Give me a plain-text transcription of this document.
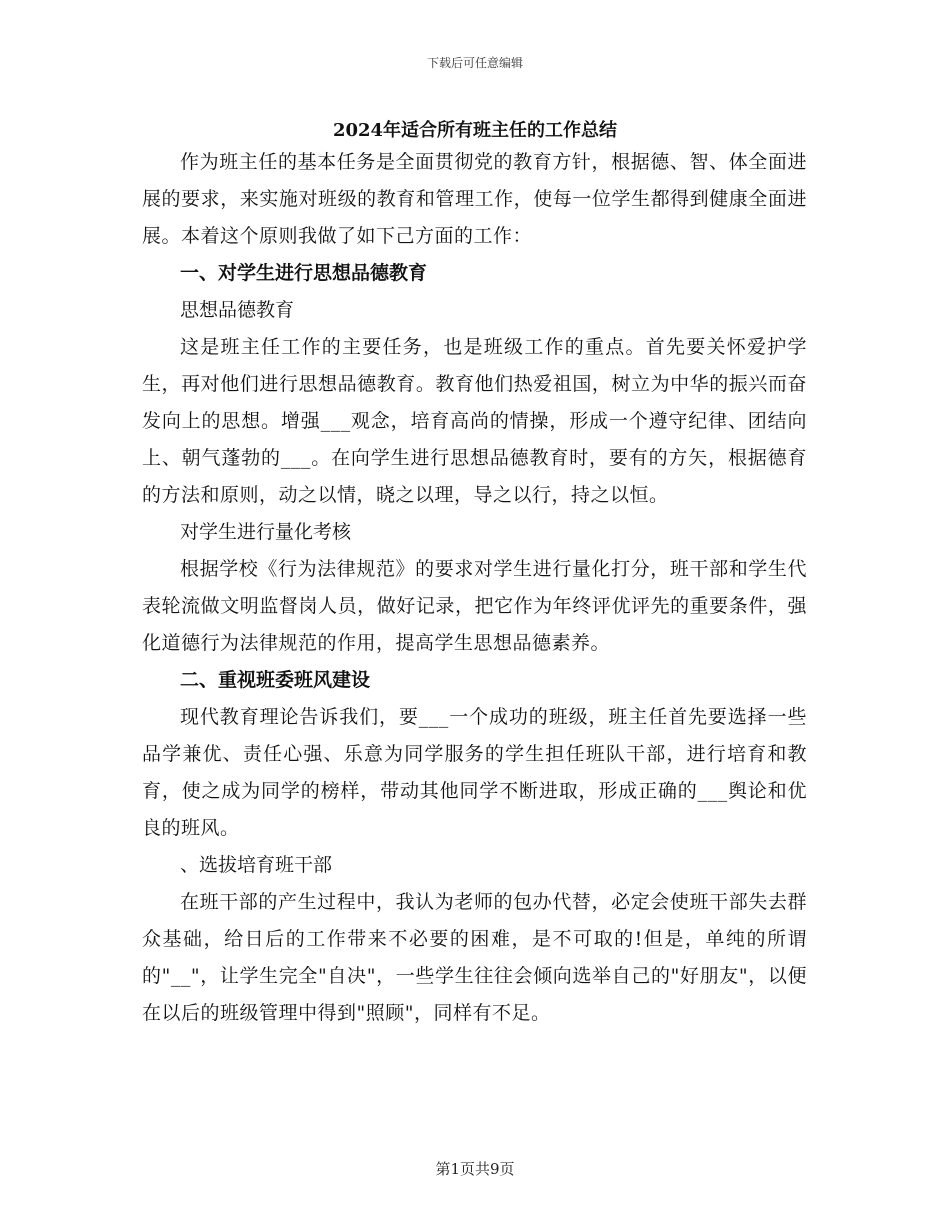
下载后可任意编辑
2024年适合所有班主任的工作总结

作为班主任的基本任务是全面贯彻党的教育方针，根据德、智、体全面进展的要求，来实施对班级的教育和管理工作，使每一位学生都得到健康全面进展。本着这个原则我做了如下己方面的工作：

一、对学生进行思想品德教育

思想品德教育

这是班主任工作的主要任务，也是班级工作的重点。首先要关怀爱护学生，再对他们进行思想品德教育。教育他们热爱祖国，树立为中华的振兴而奋发向上的思想。增强___观念，培育高尚的情操，形成一个遵守纪律、团结向上、朝气蓬勃的___。在向学生进行思想品德教育时，要有的方矢，根据德育的方法和原则，动之以情，晓之以理，导之以行，持之以恒。

对学生进行量化考核

根据学校《行为法律规范》的要求对学生进行量化打分，班干部和学生代表轮流做文明监督岗人员，做好记录，把它作为年终评优评先的重要条件，强化道德行为法律规范的作用，提高学生思想品德素养。

二、重视班委班风建设

现代教育理论告诉我们，要___一个成功的班级，班主任首先要选择一些品学兼优、责任心强、乐意为同学服务的学生担任班队干部，进行培育和教育，使之成为同学的榜样，带动其他同学不断进取，形成正确的___舆论和优良的班风。

、选拔培育班干部

在班干部的产生过程中，我认为老师的包办代替，必定会使班干部失去群众基础，给日后的工作带来不必要的困难，是不可取的!但是，单纯的所谓的"__"，让学生完全"自决"，一些学生往往会倾向选举自己的"好朋友"，以便在以后的班级管理中得到"照顾"，同样有不足。

第1页共9页
